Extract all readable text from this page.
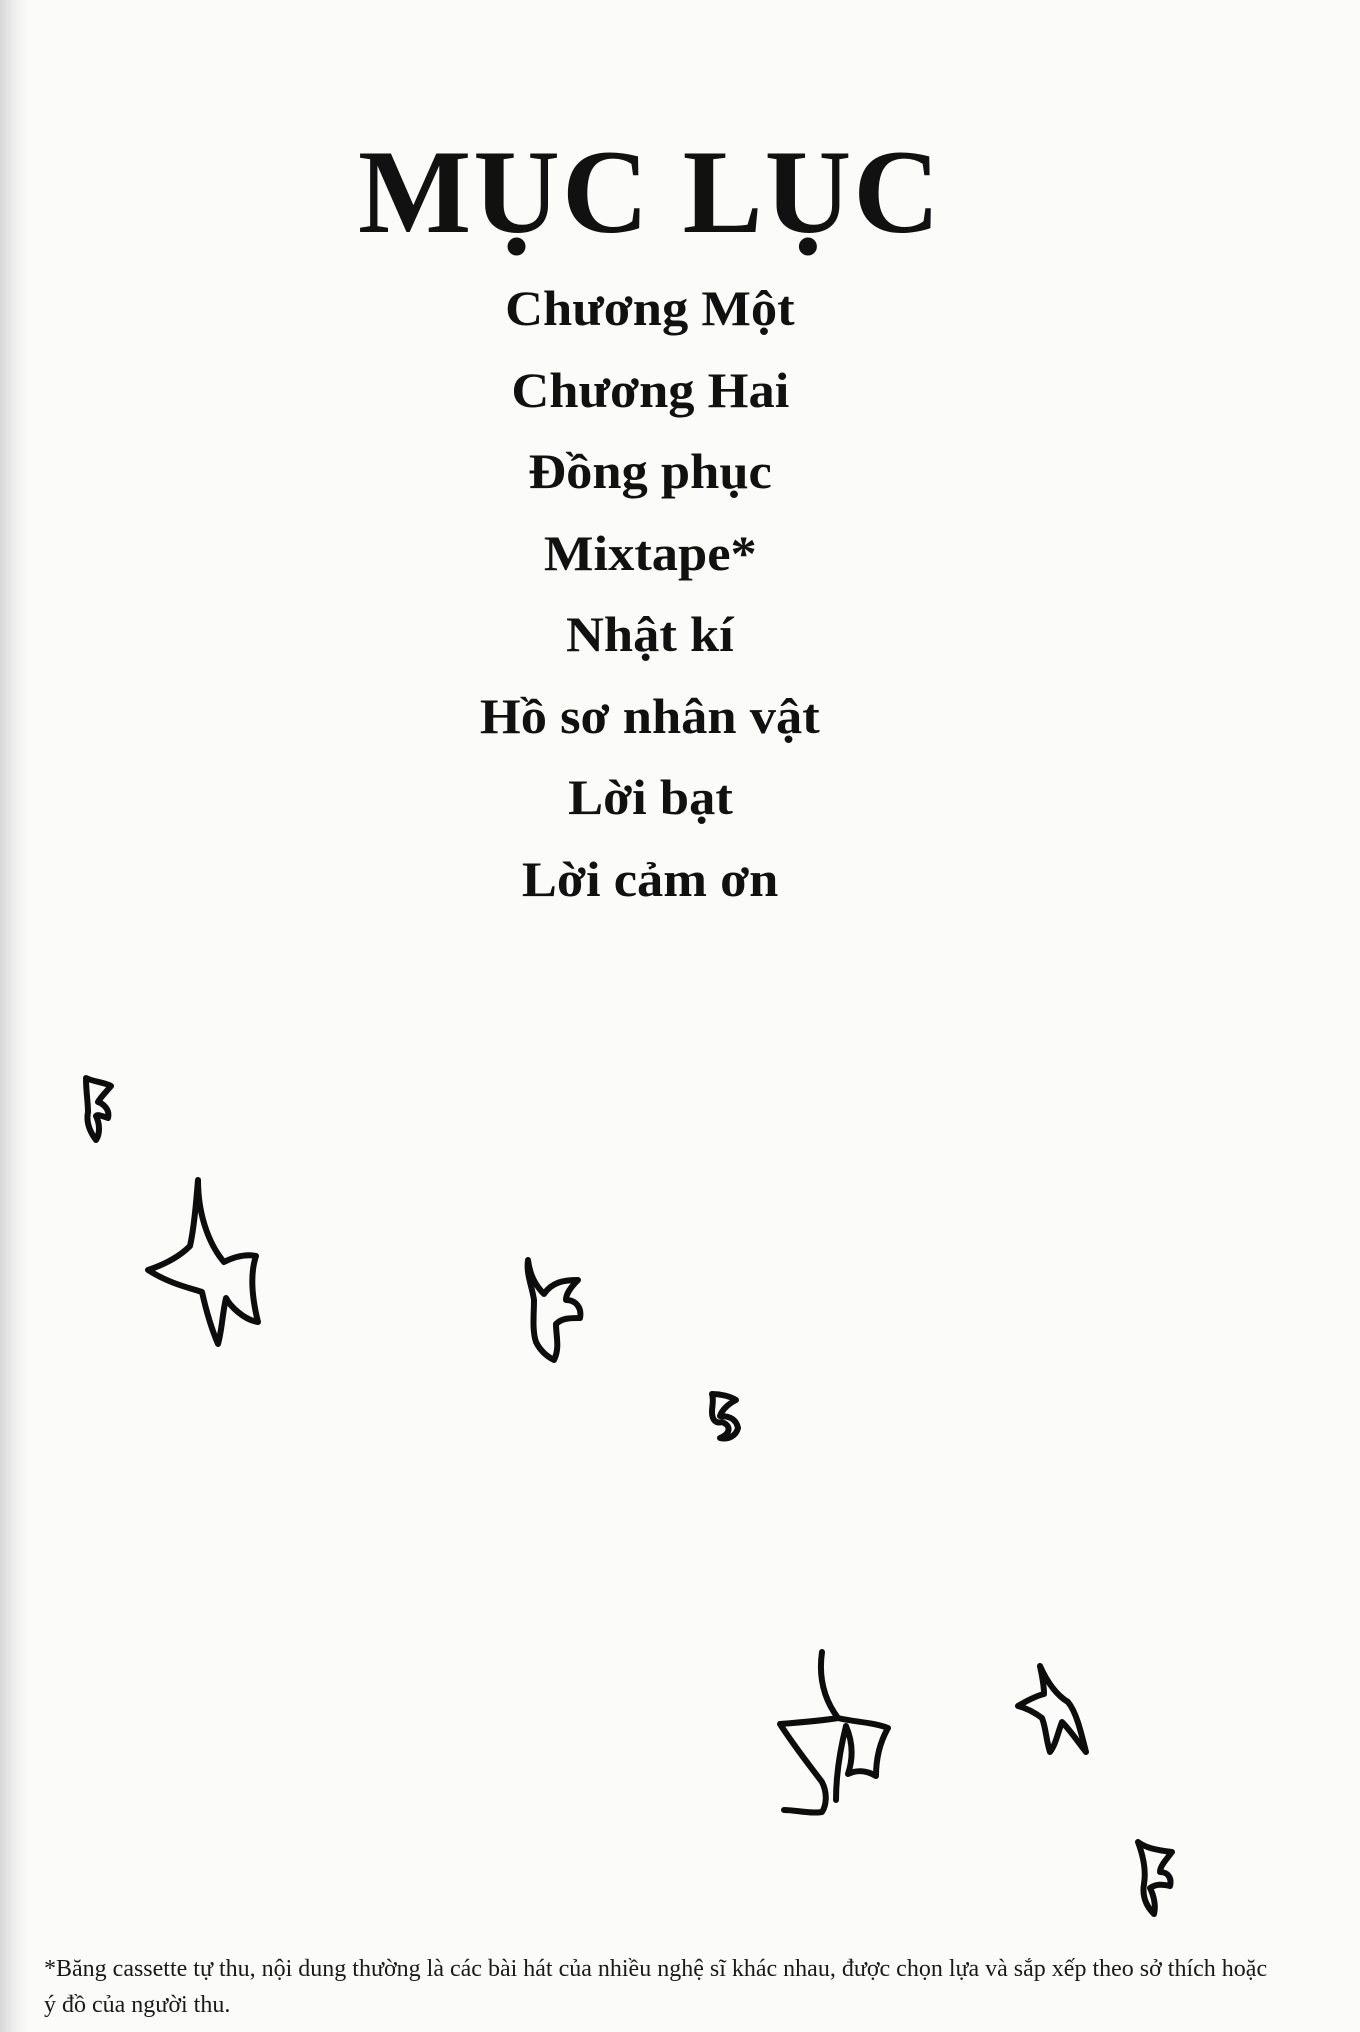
MỤC LỤC
Chương Một
Chương Hai
Đồng phục
Mixtape*
Nhật kí
Hồ sơ nhân vật
Lời bạt
Lời cảm ơn

*Băng cassette tự thu, nội dung thường là các bài hát của nhiều nghệ sĩ khác nhau, được chọn lựa và sắp xếp theo sở thích hoặc ý đồ của người thu.
